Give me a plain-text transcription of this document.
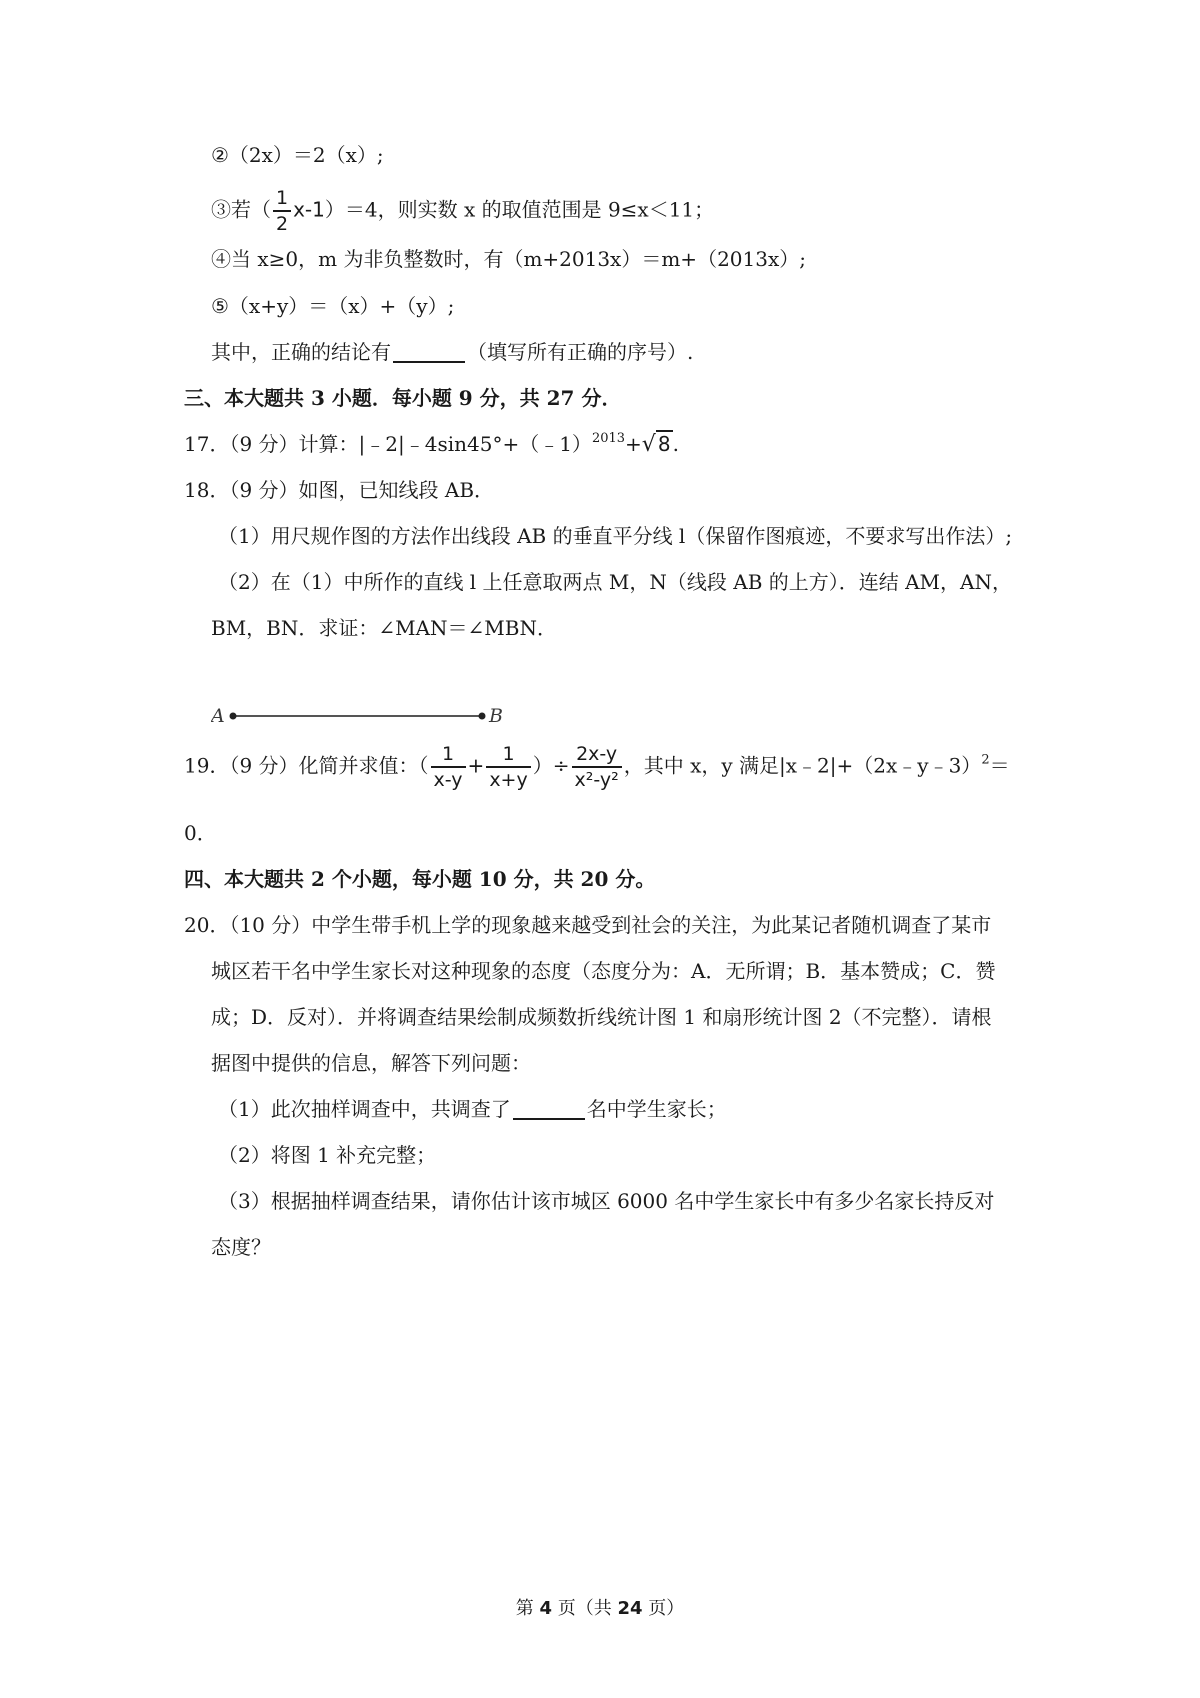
②（2x）＝2（x）;
③若（ $\frac{1}{2} x-1)=4$，则实数 x 的取值范围是 9≤x＜11；
④当 x≥0，m 为非负整数时，有（m+2013x）＝m+（2013x）;
⑤（x+y）＝（x）+（y）;
其中，正确的结论有	（填写所有正确的序号）.
三、本大题共 3 小题．每小题 9 分，共 27 分．
17．（9 分）计算：|﹣2|﹣4sin45°+（﹣1）$^{2013}$+√ 8 .
18．（9 分）如图，已知线段 AB．
（1）用尺规作图的方法作出线段 AB 的垂直平分线 l（保留作图痕迹，不要求写出作法）;
（2）在（1）中所作的直线 l 上任意取两点 M，N（线段 AB 的上方）．连结 AM，AN，
BM，BN．求证：∠MAN＝∠MBN．
A	B
19．（9 分）化简并求值：（ $\frac{1}{x-y} + \frac{1}{x+y}$ ）÷ $\frac{2x-y}{\text{x²-y²}}$ ，其中 x，y 满足|x﹣2|+（2x﹣y﹣3）$^2$＝
0．
四、本大题共 2 个小题，每小题 10 分，共 20 分。
20．（10 分）中学生带手机上学的现象越来越受到社会的关注，为此某记者随机调查了某市
城区若干名中学生家长对这种现象的态度（态度分为：A．无所谓；B．基本赞成；C．赞
成；D．反对）．并将调查结果绘制成频数折线统计图 1 和扇形统计图 2（不完整）．请根
据图中提供的信息，解答下列问题：
（1）此次抽样调查中，共调查了	名中学生家长；
（2）将图 1 补充完整；
（3）根据抽样调查结果，请你估计该市城区 6000 名中学生家长中有多少名家长持反对
态度？
第 4 页（共 24 页）
